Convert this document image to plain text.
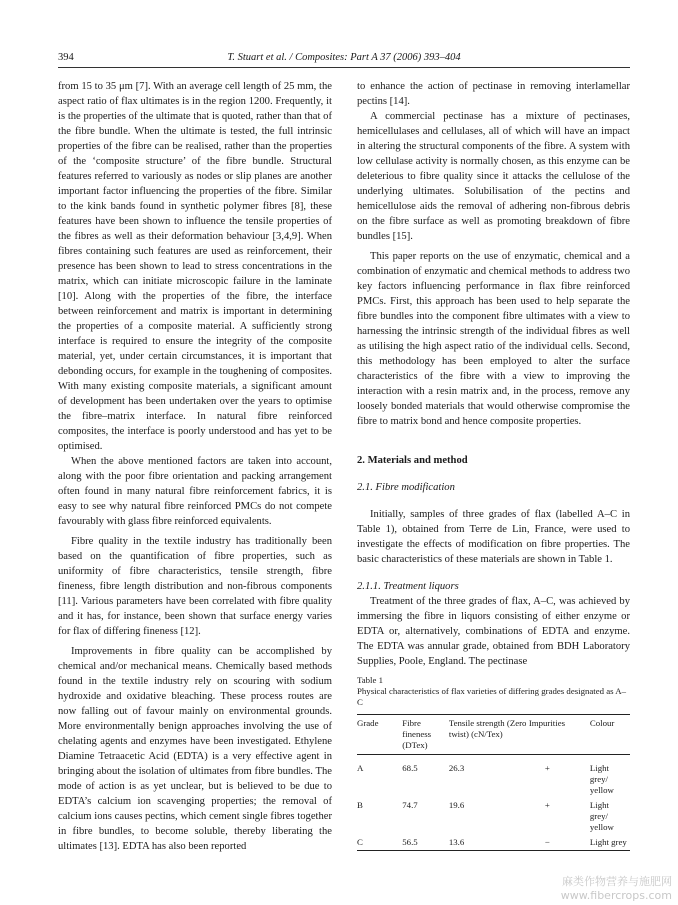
394	T. Stuart et al. / Composites: Part A 37 (2006) 393–404

from 15 to 35 μm [7]. With an average cell length of 25 mm, the aspect ratio of flax ultimates is in the region 1200. Frequently, it is the properties of the ultimate that is quoted, rather than that of the fibre bundle. When the ultimate is tested, the full intrinsic properties of the fibre can be realised, rather than the properties of the ‘composite structure’ of the fibre bundle. Structural features referred to variously as nodes or slip planes are another important factor influencing the properties of the fibre. Similar to the kink bands found in synthetic polymer fibres [8], these features have been shown to influence the tensile properties of the fibres as well as their deformation behaviour [3,4,9]. When fibres containing such features are used as reinforcement, their presence has been shown to lead to stress concentrations in the matrix, which can initiate microscopic failure in the laminate [10]. Along with the properties of the fibre, the interface between reinforcement and matrix is important in determining the properties of a composite material. A sufficiently strong interface is required to ensure the integrity of the composite material, yet, under certain circumstances, it is important that debonding occurs, for example in the toughening of composites. With many existing composite materials, a significant amount of development has been undertaken over the years to optimise the fibre–matrix interface. In natural fibre reinforced composites, the interface is poorly understood and has yet to be optimised.

When the above mentioned factors are taken into account, along with the poor fibre orientation and packing arrangement often found in many natural fibre reinforcement fabrics, it is easy to see why natural fibre reinforced PMCs do not compete favourably with glass fibre reinforced equivalents.

Fibre quality in the textile industry has traditionally been based on the quantification of fibre properties, such as uniformity of fibre characteristics, tensile strength, fibre fineness, fibre length distribution and non-fibrous components [11]. Various parameters have been correlated with fibre quality and it has, for instance, been shown that surface energy varies for flax of differing fineness [12].

Improvements in fibre quality can be accomplished by chemical and/or mechanical means. Chemically based methods found in the textile industry rely on scouring with sodium hydroxide and oxidative bleaching. These process routes are now falling out of favour mainly on environmental grounds. More environmentally benign approaches involving the use of chelating agents and enzymes have been investigated. Ethylene Diamine Tetraacetic Acid (EDTA) is a very effective agent in bringing about the isolation of ultimates from fibre bundles. The mode of action is as yet unclear, but is believed to be due to EDTA’s calcium ion scavenging properties; the removal of calcium ions causes pectins, which cement single fibres together in fibre bundles, to become soluble, thereby liberating the ultimates [13]. EDTA has also been reported

to enhance the action of pectinase in removing interlamellar pectins [14].

A commercial pectinase has a mixture of pectinases, hemicellulases and cellulases, all of which will have an impact in altering the structural components of the fibre. A system with low cellulase activity is normally chosen, as this enzyme can be deleterious to fibre quality since it attacks the cellulose of the underlying ultimates. Solubilisation of the pectins and hemicellulose aids the removal of adhering non-fibrous debris on the fibre surface as well as promoting breakdown of fibre bundles [15].

This paper reports on the use of enzymatic, chemical and a combination of enzymatic and chemical methods to address two key factors influencing performance in flax fibre reinforced PMCs. First, this approach has been used to help separate the fibre bundles into the component fibre ultimates with a view to harnessing the intrinsic strength of the individual fibres as well as utilising the high aspect ratio of the individual cells. Second, this methodology has been employed to alter the surface characteristics of the fibre with a view to improving the interaction with a resin matrix and, in the process, remove any loosely bonded materials that would otherwise compromise the fibre to matrix bond and hence composite properties.

2. Materials and method

2.1. Fibre modification

Initially, samples of three grades of flax (labelled A–C in Table 1), obtained from Terre de Lin, France, were used to investigate the effects of modification on fibre properties. The basic characteristics of these materials are shown in Table 1.

2.1.1. Treatment liquors

Treatment of the three grades of flax, A–C, was achieved by immersing the fibre in liquors consisting of either enzyme or EDTA or, alternatively, combinations of EDTA and enzyme. The EDTA was annular grade, obtained from BDH Laboratory Supplies, Poole, England. The pectinase

Table 1

Physical characteristics of flax varieties of differing grades designated as A–C

Grade	Fibre fineness (DTex)	Tensile strength (Zero twist) (cN/Tex)	Impurities	Colour
A	68.5	26.3	+	Light grey/ yellow
B	74.7	19.6	+	Light grey/ yellow
C	56.5	13.6	−	Light grey
麻类作物营养与施肥网
www.fibercrops.com
